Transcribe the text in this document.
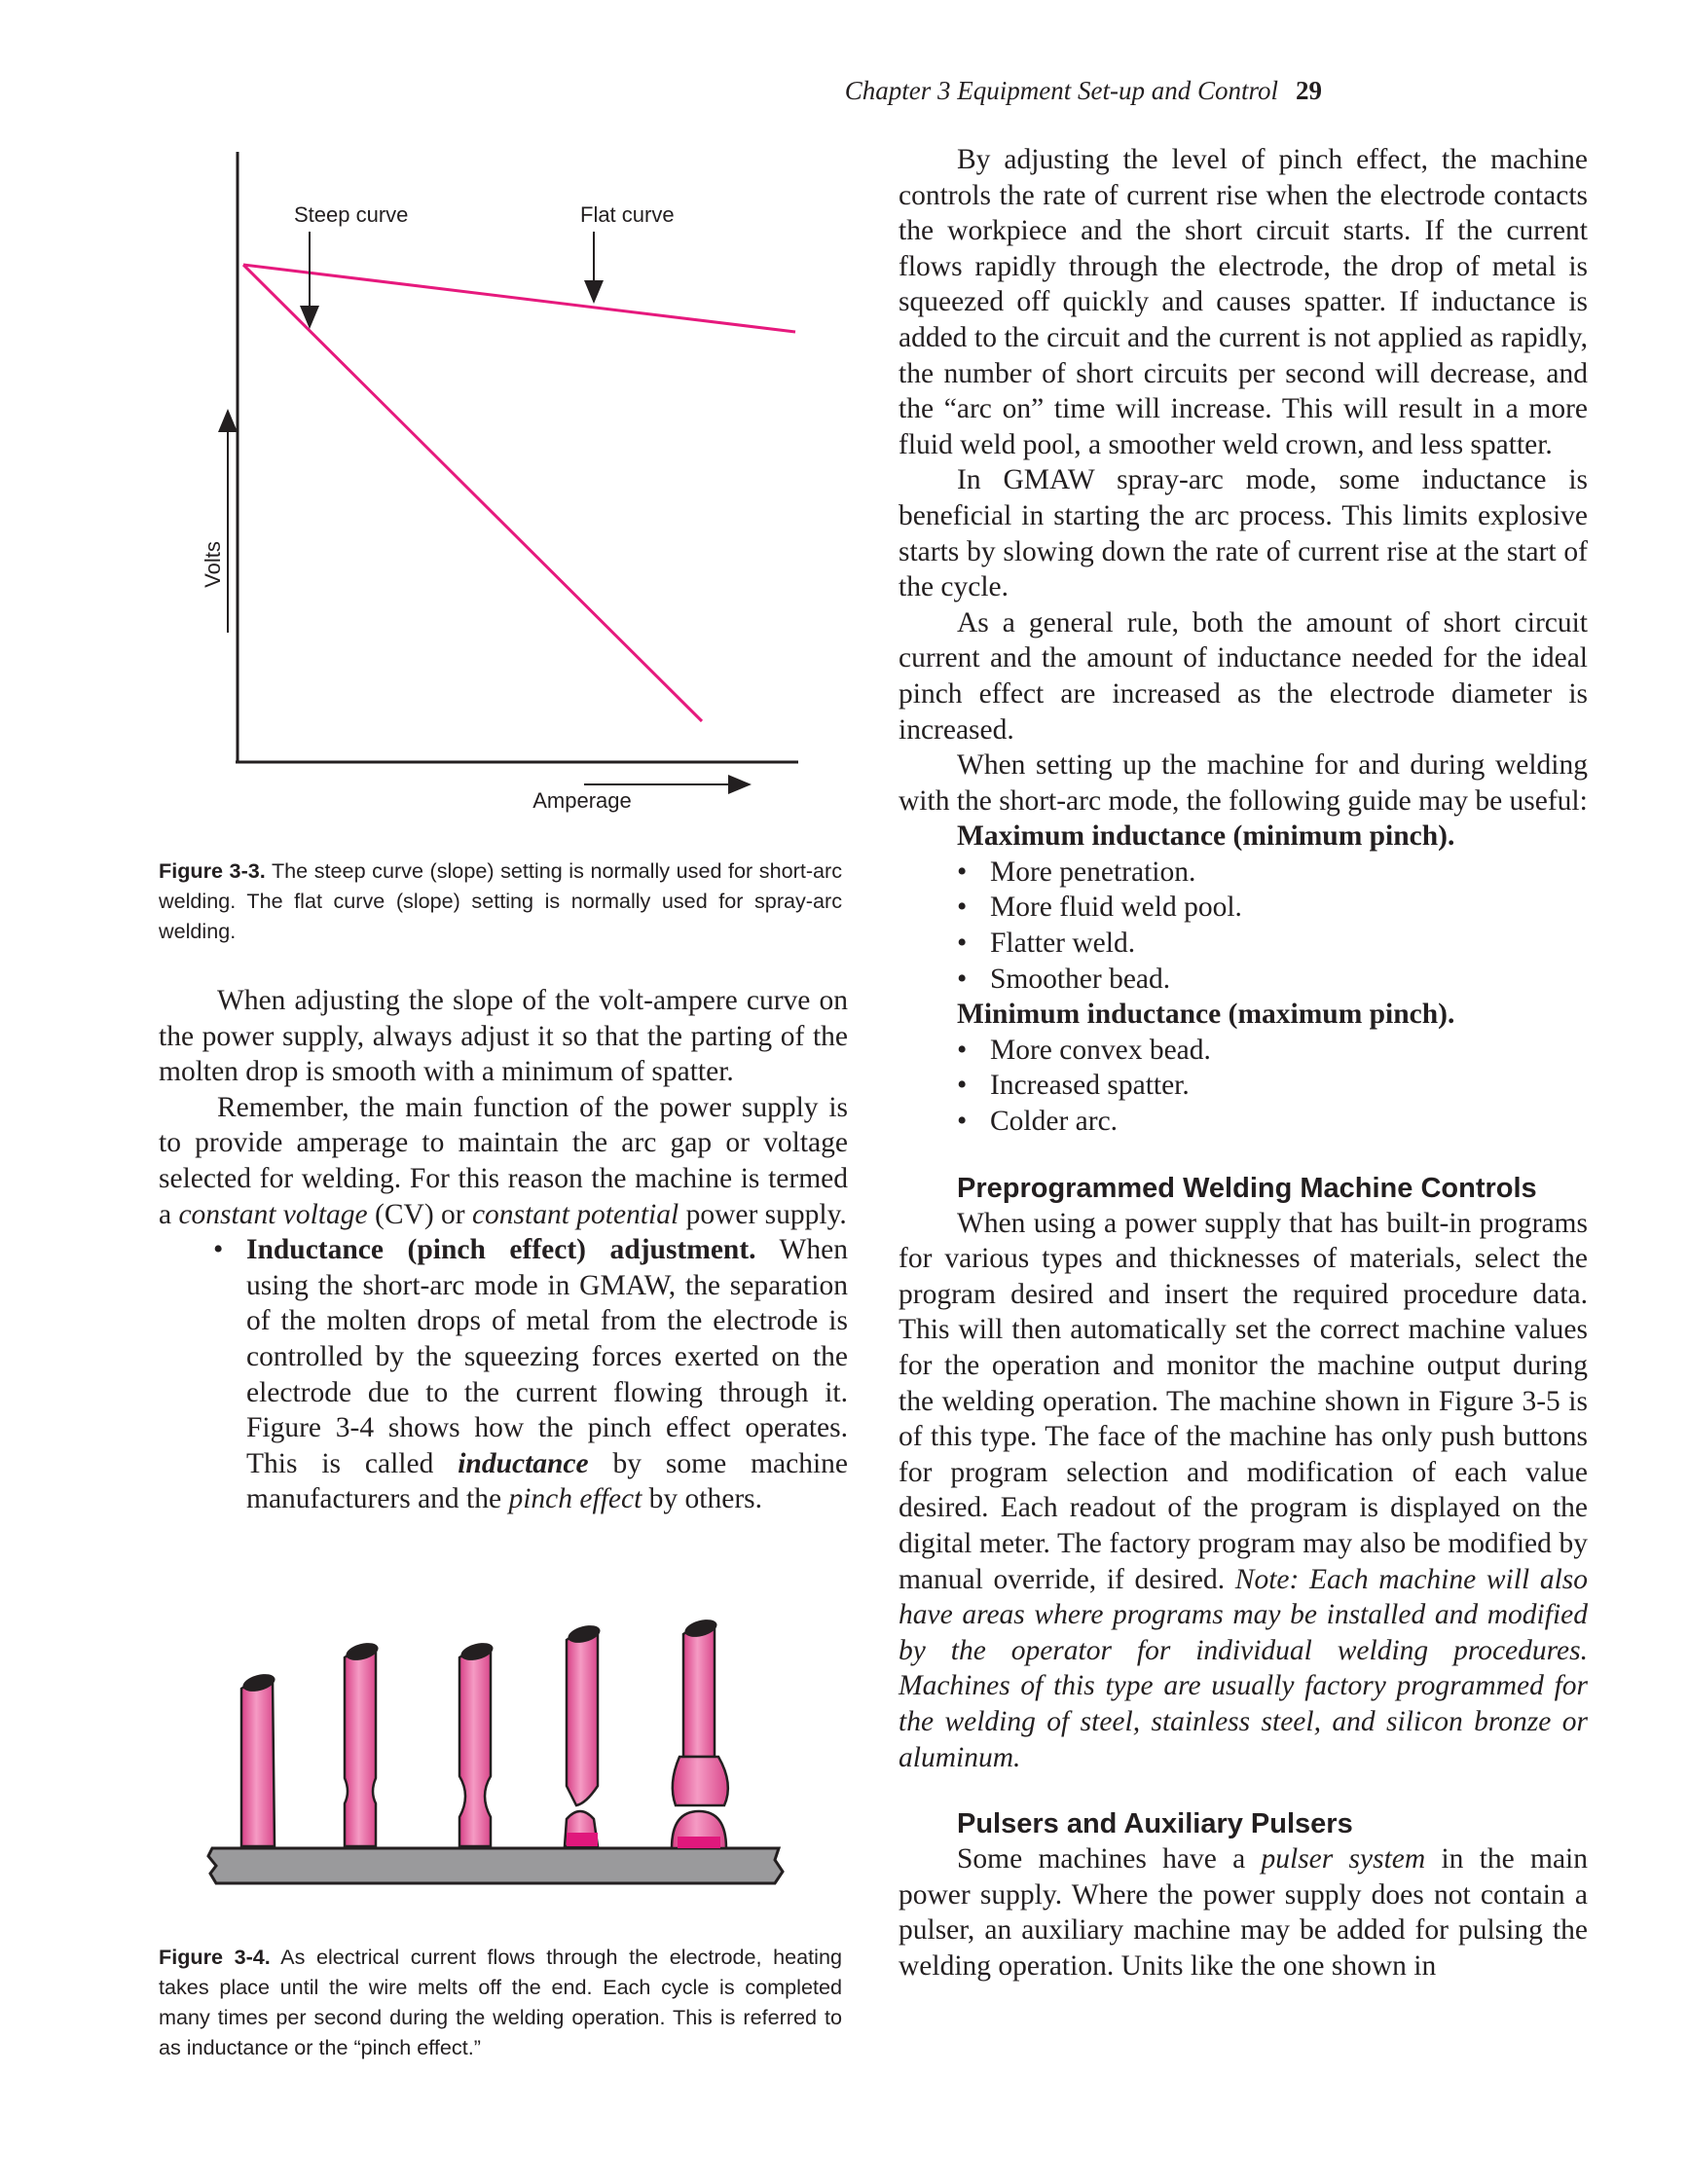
Chapter 3 Equipment Set-up and Control 29
Volts
Amperage
Steep curve	Flat curve
Figure 3-3. The steep curve (slope) setting is normally used for short-arc welding. The flat curve (slope) setting is normally used for spray-arc welding.

When adjusting the slope of the volt-ampere curve on the power supply, always adjust it so that the parting of the molten drop is smooth with a minimum of spatter.

Remember, the main function of the power supply is to provide amperage to maintain the arc gap or voltage selected for welding. For this reason the machine is termed a constant voltage (CV) or constant potential power supply.

• Inductance (pinch effect) adjustment. When using the short-arc mode in GMAW, the separation of the molten drops of metal from the electrode is controlled by the squeezing forces exerted on the electrode due to the current flowing through it. Figure 3-4 shows how the pinch effect operates. This is called inductance by some machine manufacturers and the pinch effect by others.
Figure 3-4. As electrical current flows through the electrode, heating takes place until the wire melts off the end. Each cycle is completed many times per second during the welding operation. This is referred to as inductance or the “pinch effect.”

By adjusting the level of pinch effect, the machine controls the rate of current rise when the electrode contacts the workpiece and the short circuit starts. If the current flows rapidly through the electrode, the drop of metal is squeezed off quickly and causes spatter. If inductance is added to the circuit and the current is not applied as rapidly, the number of short circuits per second will decrease, and the “arc on” time will increase. This will result in a more fluid weld pool, a smoother weld crown, and less spatter.

In GMAW spray-arc mode, some inductance is beneficial in starting the arc process. This limits explosive starts by slowing down the rate of current rise at the start of the cycle.

As a general rule, both the amount of short circuit current and the amount of inductance needed for the ideal pinch effect are increased as the electrode diameter is increased.

When setting up the machine for and during welding with the short-arc mode, the following guide may be useful:

Maximum inductance (minimum pinch).

• More penetration.
• More fluid weld pool.
• Flatter weld.
• Smoother bead.

Minimum inductance (maximum pinch).

• More convex bead.
• Increased spatter.
• Colder arc.

Preprogrammed Welding Machine Controls

When using a power supply that has built-in programs for various types and thicknesses of materials, select the program desired and insert the required procedure data. This will then automatically set the correct machine values for the operation and monitor the machine output during the welding operation. The machine shown in Figure 3-5 is of this type. The face of the machine has only push buttons for program selection and modification of each value desired. Each readout of the program is displayed on the digital meter. The factory program may also be modified by manual override, if desired. Note: Each machine will also have areas where programs may be installed and modified by the operator for individual welding procedures. Machines of this type are usually factory programmed for the welding of steel, stainless steel, and silicon bronze or aluminum.

Pulsers and Auxiliary Pulsers

Some machines have a pulser system in the main power supply. Where the power supply does not contain a pulser, an auxiliary machine may be added for pulsing the welding operation. Units like the one shown in
